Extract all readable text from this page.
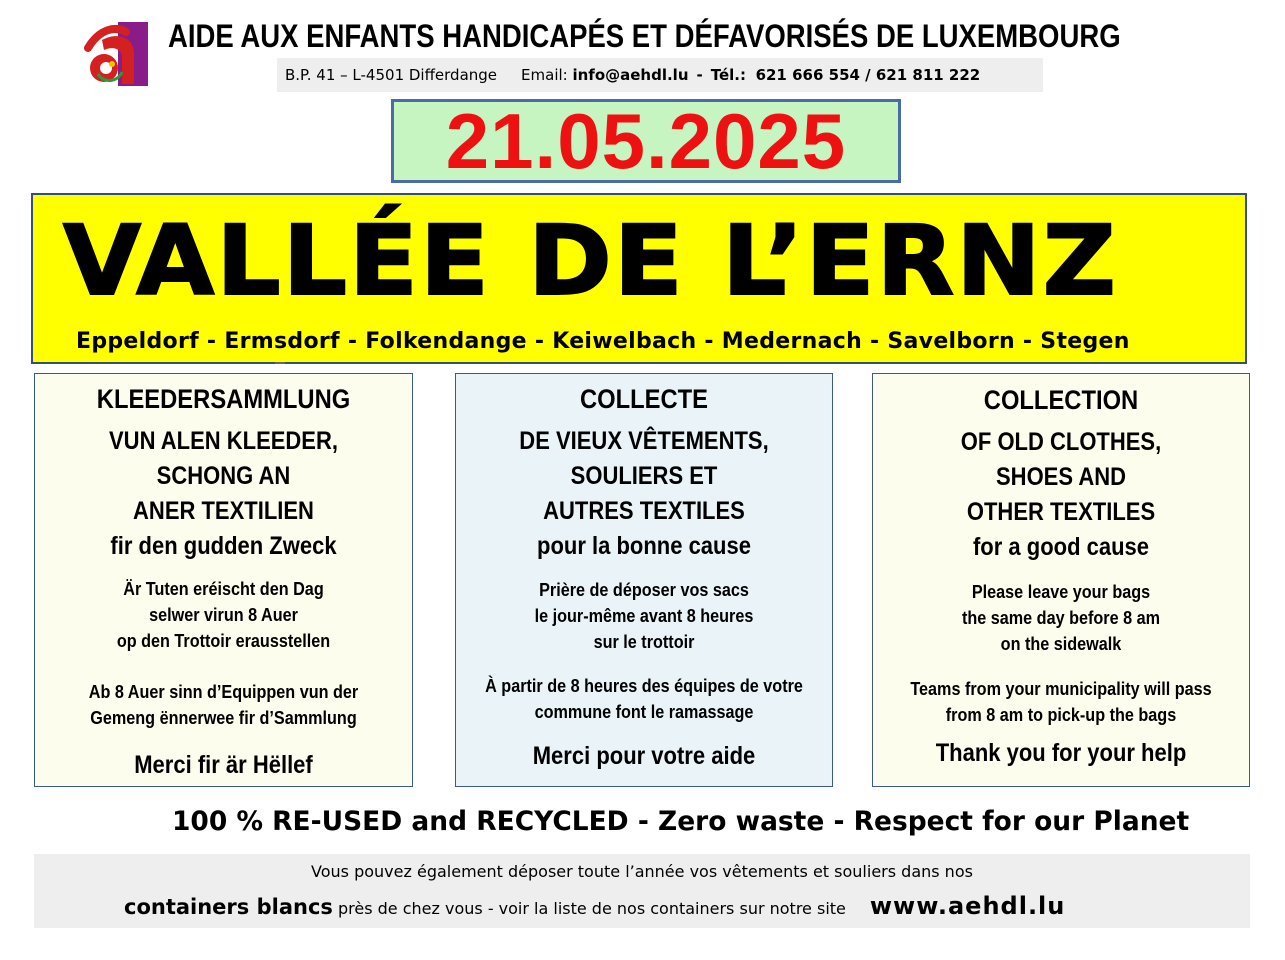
AIDE AUX ENFANTS HANDICAPÉS ET DÉFAVORISÉS DE LUXEMBOURG
B.P. 41 – L-4501 Differdange Email:
info@aehdl.lu - Tél.:
621 666 554 / 621 811 222
21.05.2025
VALLÉE DE L’ERNZ
Eppeldorf - Ermsdorf - Folkendange - Keiwelbach - Medernach - Savelborn - Stegen
KLEEDERSAMMLUNG
VUN ALEN KLEEDER,
SCHONG AN
ANER TEXTILIEN
fir den gudden Zweck
Är Tuten eréischt den Dag
selwer virun 8 Auer
op den Trottoir erausstellen
Ab 8 Auer sinn d’Equippen vun der
Gemeng ënnerwee fir d’Sammlung
Merci fir är Hëllef
COLLECTE
DE VIEUX VÊTEMENTS,
SOULIERS ET
AUTRES TEXTILES
pour la bonne cause
Prière de déposer vos sacs
le jour-même avant 8 heures
sur le trottoir
À partir de 8 heures des équipes de votre
commune font le ramassage
Merci pour votre aide
COLLECTION
OF OLD CLOTHES,
SHOES AND
OTHER TEXTILES
for a good cause
Please leave your bags
the same day before 8 am
on the sidewalk
Teams from your municipality will pass
from 8 am to pick-up the bags
Thank you for your help
100 % RE-USED and RECYCLED - Zero waste - Respect for our Planet
Vous pouvez également déposer toute l’année vos vêtements et souliers dans nos
containers blancs près de chez vous - voir la liste de nos containers sur notre site www.aehdl.lu
